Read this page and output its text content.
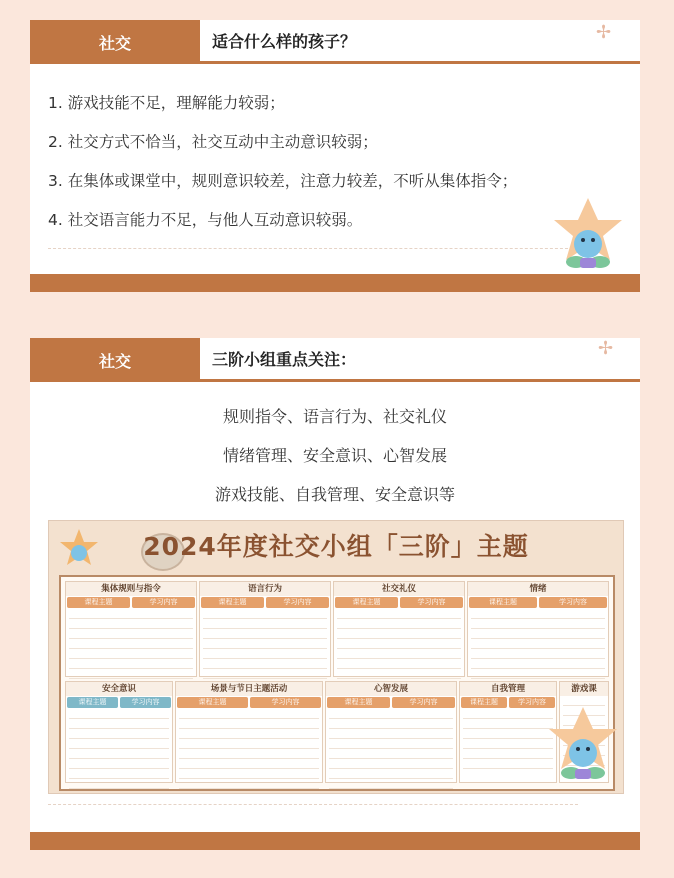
社交	适合什么样的孩子？
1. 游戏技能不足，理解能力较弱；
2. 社交方式不恰当，社交互动中主动意识较弱；
3. 在集体或课堂中，规则意识较差，注意力较差，不听从集体指令；
4. 社交语言能力不足，与他人互动意识较弱。
✢
社交	三阶小组重点关注：
规则指令、语言行为、社交礼仪
情绪管理、安全意识、心智发展
游戏技能、自我管理、安全意识等
✢
2024年度社交小组「三阶」主题
集体规则与指令
课程主题	学习内容
语言行为
课程主题	学习内容
社交礼仪
课程主题	学习内容
情绪
课程主题	学习内容
安全意识
课程主题	学习内容
场景与节日主题活动
课程主题	学习内容
心智发展
课程主题	学习内容
自我管理
课程主题	学习内容
游戏课
